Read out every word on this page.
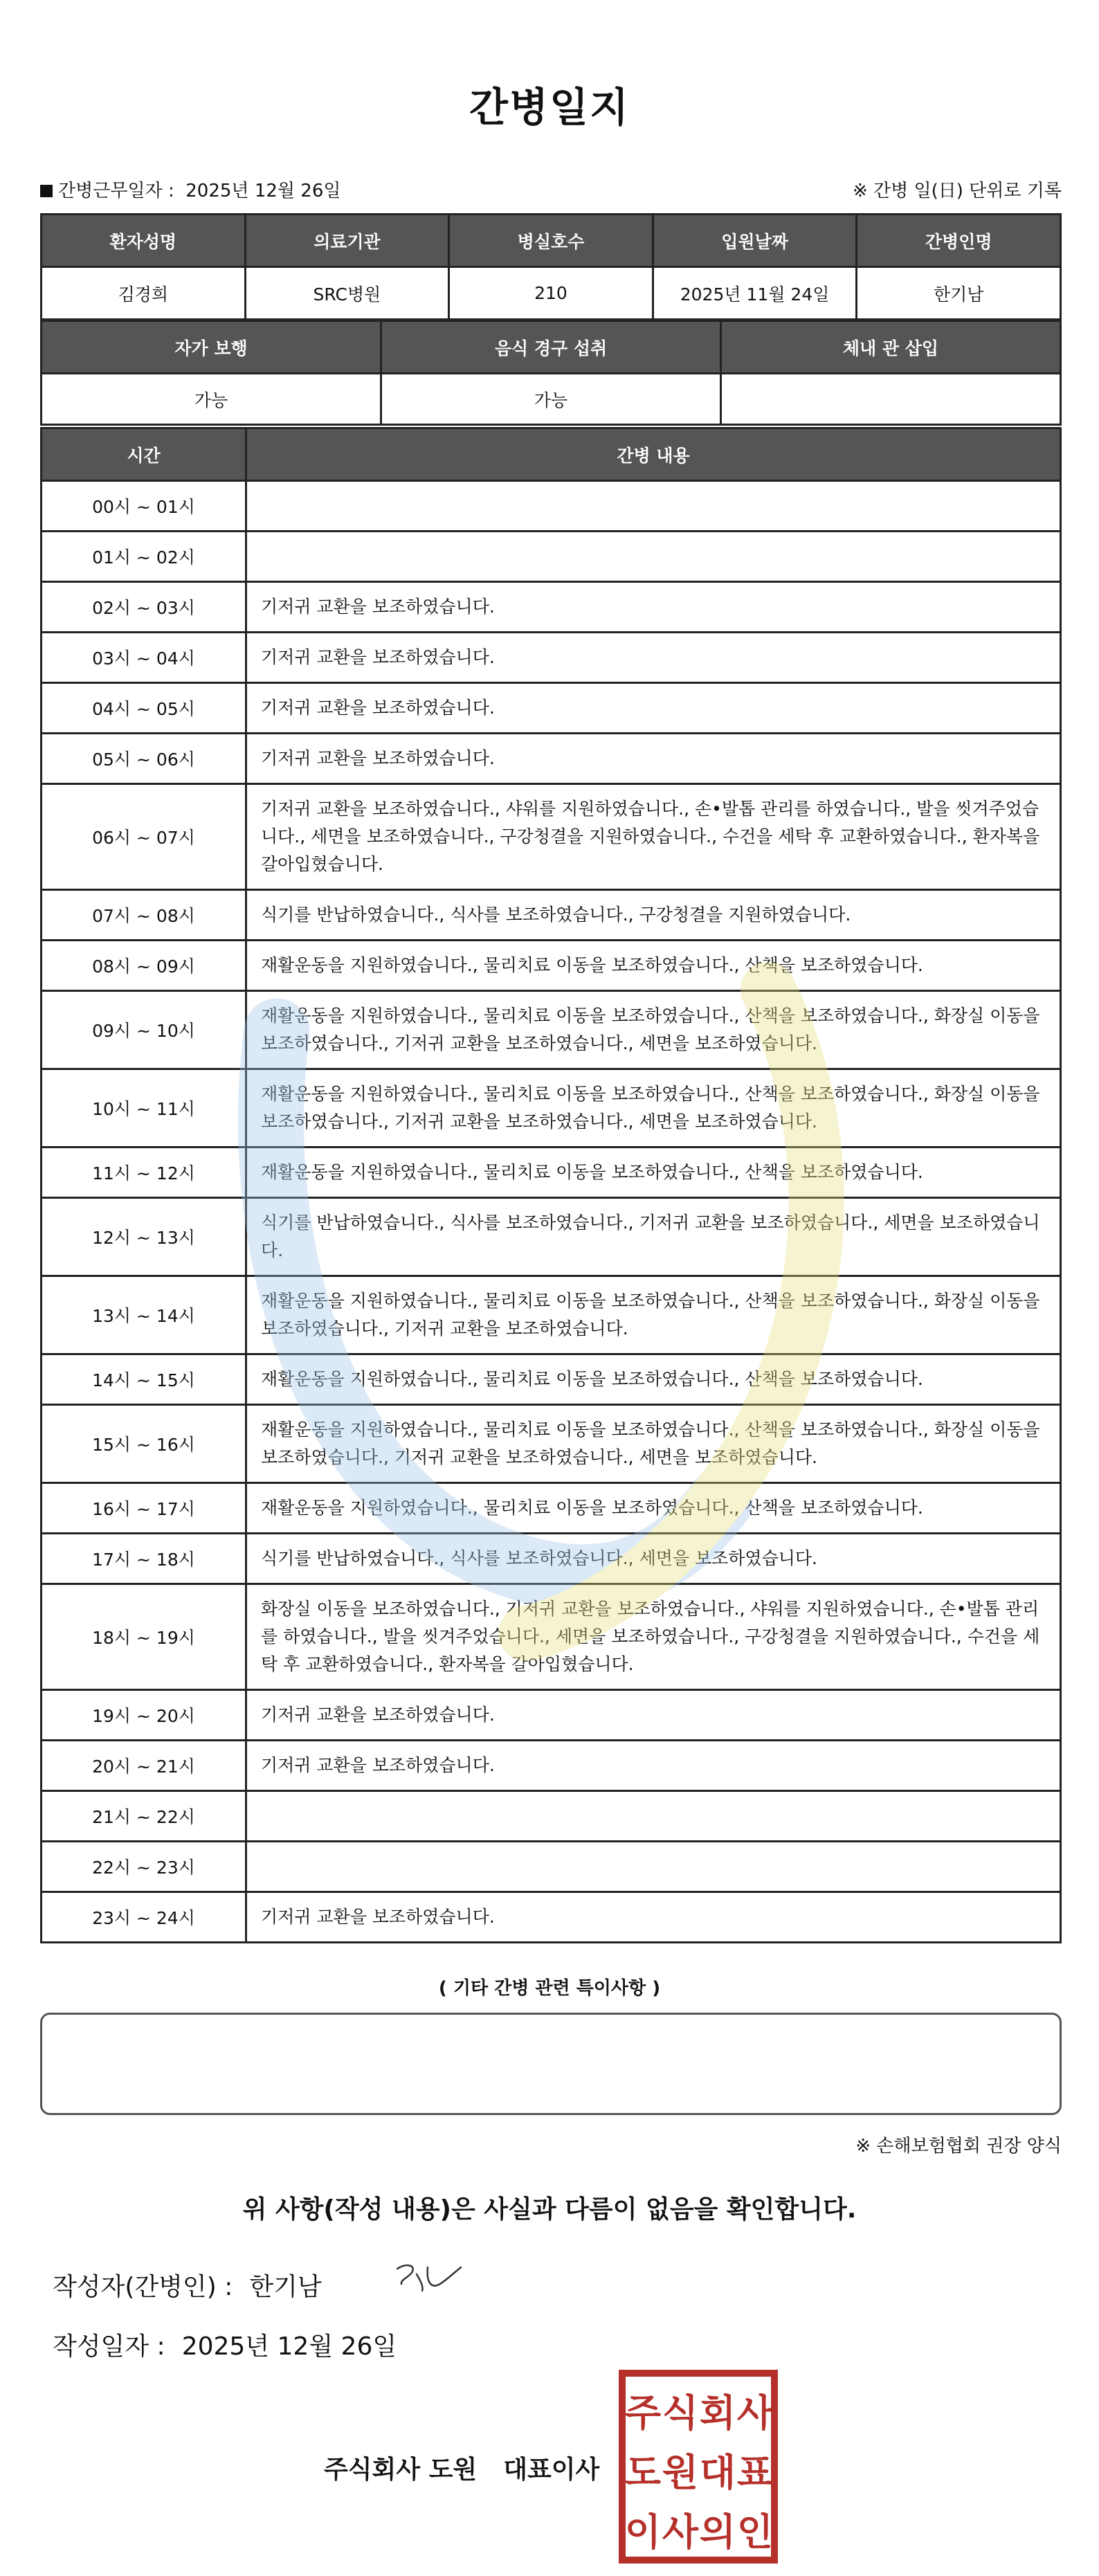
간병일지
간병근무일자 : 2025년 12월 26일	※ 간병 일(日) 단위로 기록
환자성명	의료기관	병실호수	입원날짜	간병인명
김경희	SRC병원	210	2025년 11월 24일	한기남
자가 보행	음식 경구 섭취	체내 관 삽입
가능	가능	
시간	간병 내용
00시 ~ 01시	
01시 ~ 02시	
02시 ~ 03시	기저귀 교환을 보조하였습니다.
03시 ~ 04시	기저귀 교환을 보조하였습니다.
04시 ~ 05시	기저귀 교환을 보조하였습니다.
05시 ~ 06시	기저귀 교환을 보조하였습니다.
06시 ~ 07시	기저귀 교환을 보조하였습니다., 샤워를 지원하였습니다., 손•발톱 관리를 하였습니다., 발을 씻겨주었습니다., 세면을 보조하였습니다., 구강청결을 지원하였습니다., 수건을 세탁 후 교환하였습니다., 환자복을 갈아입혔습니다.
07시 ~ 08시	식기를 반납하였습니다., 식사를 보조하였습니다., 구강청결을 지원하였습니다.
08시 ~ 09시	재활운동을 지원하였습니다., 물리치료 이동을 보조하였습니다., 산책을 보조하였습니다.
09시 ~ 10시	재활운동을 지원하였습니다., 물리치료 이동을 보조하였습니다., 산책을 보조하였습니다., 화장실 이동을 보조하였습니다., 기저귀 교환을 보조하였습니다., 세면을 보조하였습니다.
10시 ~ 11시	재활운동을 지원하였습니다., 물리치료 이동을 보조하였습니다., 산책을 보조하였습니다., 화장실 이동을 보조하였습니다., 기저귀 교환을 보조하였습니다., 세면을 보조하였습니다.
11시 ~ 12시	재활운동을 지원하였습니다., 물리치료 이동을 보조하였습니다., 산책을 보조하였습니다.
12시 ~ 13시	식기를 반납하였습니다., 식사를 보조하였습니다., 기저귀 교환을 보조하였습니다., 세면을 보조하였습니다.
13시 ~ 14시	재활운동을 지원하였습니다., 물리치료 이동을 보조하였습니다., 산책을 보조하였습니다., 화장실 이동을 보조하였습니다., 기저귀 교환을 보조하였습니다.
14시 ~ 15시	재활운동을 지원하였습니다., 물리치료 이동을 보조하였습니다., 산책을 보조하였습니다.
15시 ~ 16시	재활운동을 지원하였습니다., 물리치료 이동을 보조하였습니다., 산책을 보조하였습니다., 화장실 이동을 보조하였습니다., 기저귀 교환을 보조하였습니다., 세면을 보조하였습니다.
16시 ~ 17시	재활운동을 지원하였습니다., 물리치료 이동을 보조하였습니다., 산책을 보조하였습니다.
17시 ~ 18시	식기를 반납하였습니다., 식사를 보조하였습니다., 세면을 보조하였습니다.
18시 ~ 19시	화장실 이동을 보조하였습니다., 기저귀 교환을 보조하였습니다., 샤워를 지원하였습니다., 손•발톱 관리를 하였습니다., 발을 씻겨주었습니다., 세면을 보조하였습니다., 구강청결을 지원하였습니다., 수건을 세탁 후 교환하였습니다., 환자복을 갈아입혔습니다.
19시 ~ 20시	기저귀 교환을 보조하였습니다.
20시 ~ 21시	기저귀 교환을 보조하였습니다.
21시 ~ 22시	
22시 ~ 23시	
23시 ~ 24시	기저귀 교환을 보조하였습니다.
( 기타 간병 관련 특이사항 )
※ 손해보험협회 권장 양식
위 사항(작성 내용)은 사실과 다름이 없음을 확인합니다.
작성자(간병인) : 한기남
작성일자 : 2025년 12월 26일
주식회사 도원 대표이사
주 식 회 사
도 원 대 표
이 사 의 인
